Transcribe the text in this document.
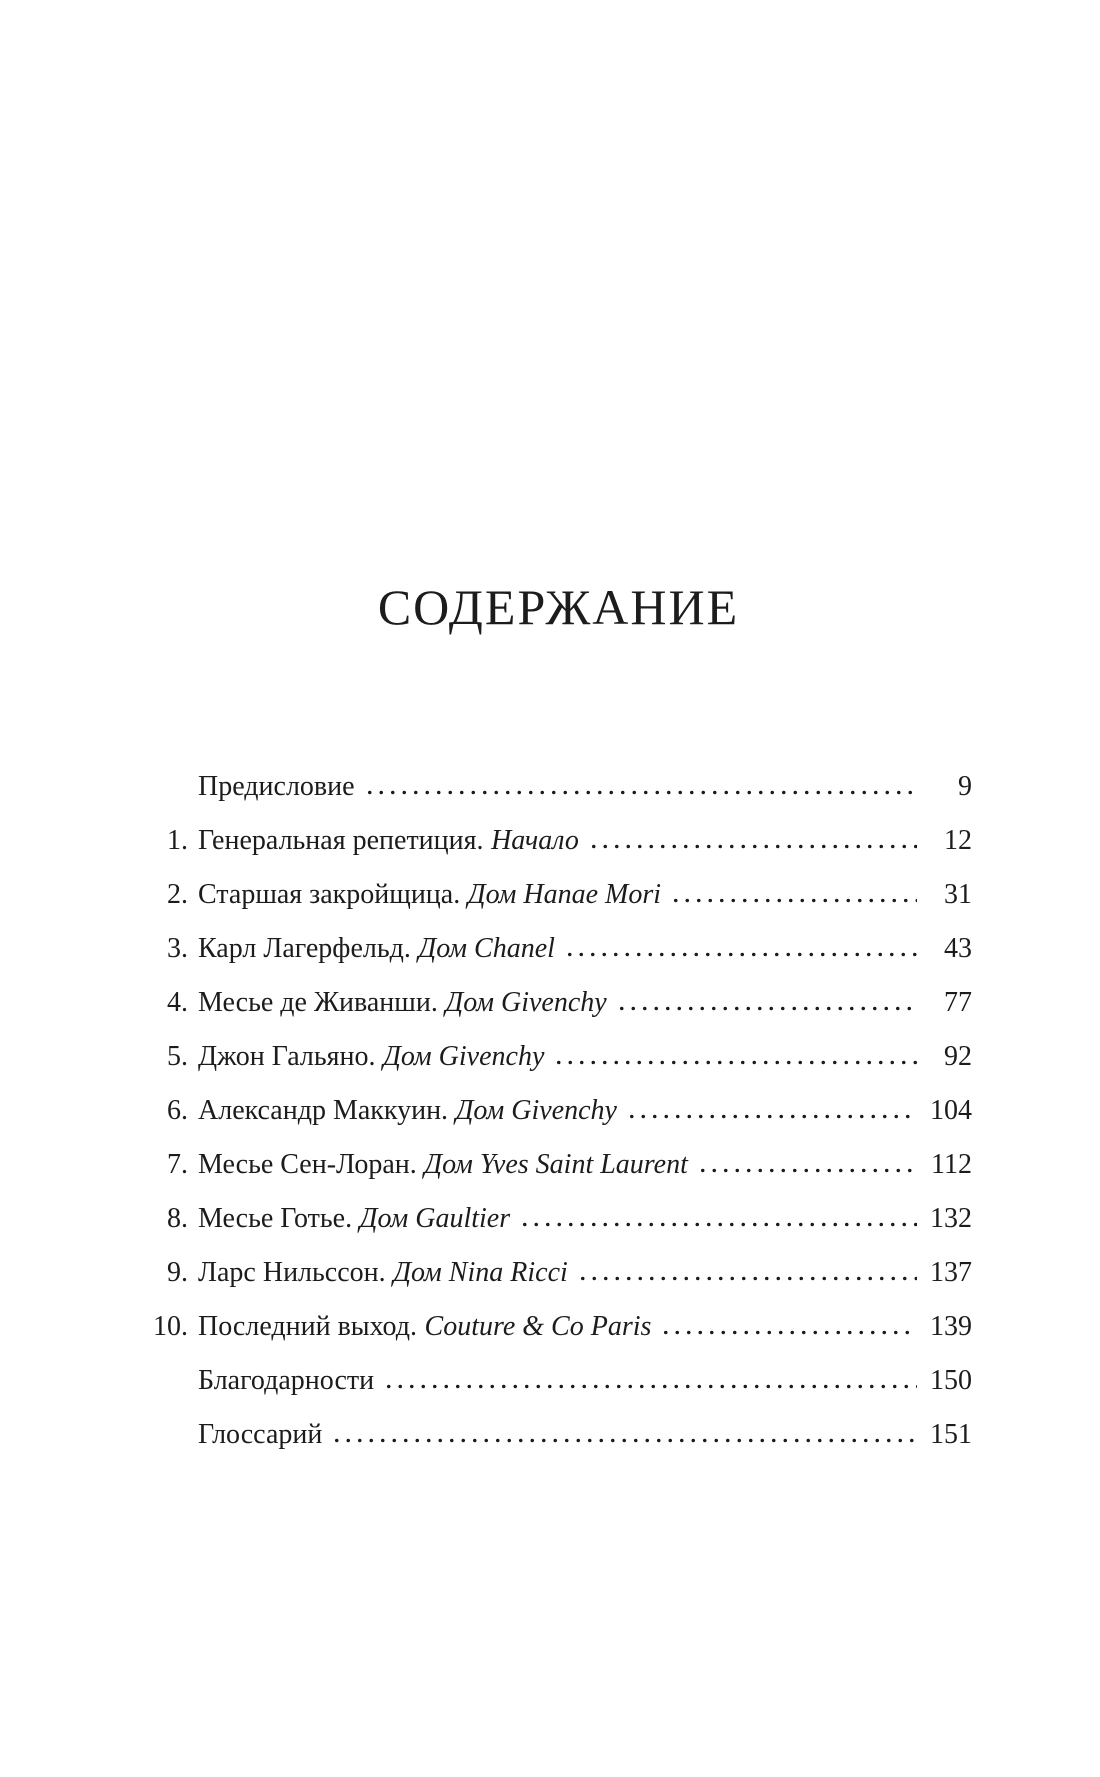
СОДЕРЖАНИЕ
Предисловие	9
1. Генеральная репетиция. Начало	12
2. Старшая закройщица. Дом Hanae Mori	31
3. Карл Лагерфельд. Дом Chanel	43
4. Месье де Живанши. Дом Givenchy	77
5. Джон Гальяно. Дом Givenchy	92
6. Александр Маккуин. Дом Givenchy	104
7. Месье Сен-Лоран. Дом Yves Saint Laurent	112
8. Месье Готье. Дом Gaultier	132
9. Ларс Нильссон. Дом Nina Ricci	137
10. Последний выход. Couture & Co Paris	139
Благодарности	150
Глоссарий	151
